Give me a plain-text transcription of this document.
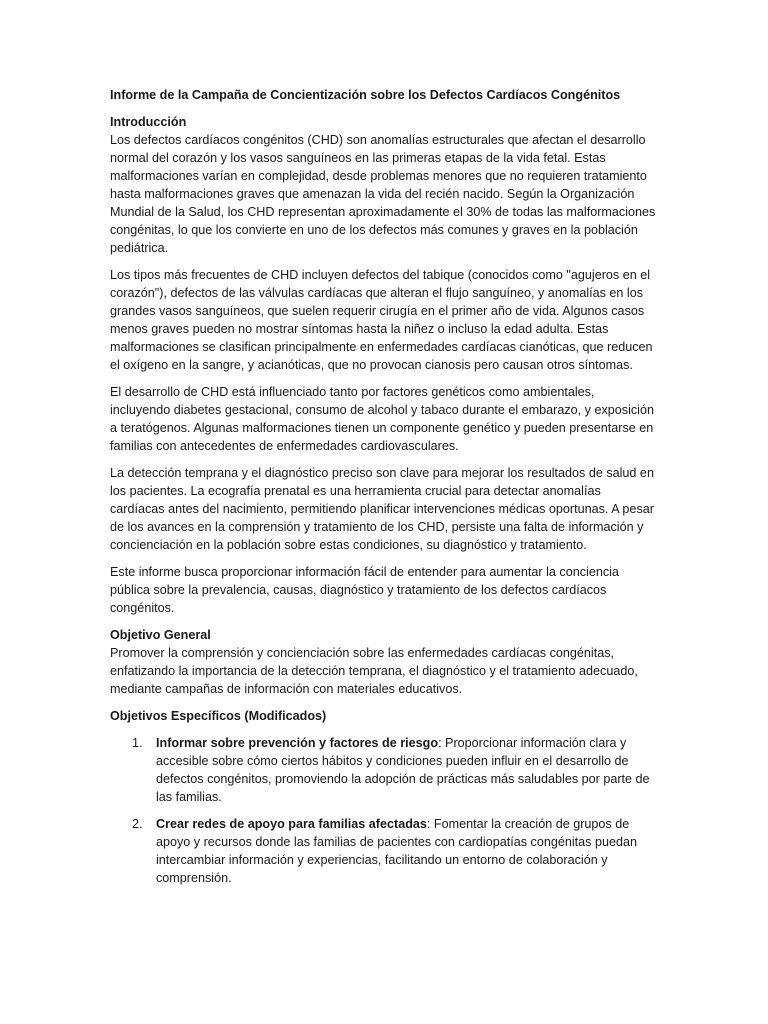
Informe de la Campaña de Concientización sobre los Defectos Cardíacos Congénitos

Introducción

Los defectos cardíacos congénitos (CHD) son anomalías estructurales que afectan el desarrollo normal del corazón y los vasos sanguíneos en las primeras etapas de la vida fetal. Estas malformaciones varían en complejidad, desde problemas menores que no requieren tratamiento hasta malformaciones graves que amenazan la vida del recién nacido. Según la Organización Mundial de la Salud, los CHD representan aproximadamente el 30% de todas las malformaciones congénitas, lo que los convierte en uno de los defectos más comunes y graves en la población pediátrica.

Los tipos más frecuentes de CHD incluyen defectos del tabique (conocidos como "agujeros en el corazón"), defectos de las válvulas cardíacas que alteran el flujo sanguíneo, y anomalías en los grandes vasos sanguíneos, que suelen requerir cirugía en el primer año de vida. Algunos casos menos graves pueden no mostrar síntomas hasta la niñez o incluso la edad adulta. Estas malformaciones se clasifican principalmente en enfermedades cardíacas cianóticas, que reducen el oxígeno en la sangre, y acianóticas, que no provocan cianosis pero causan otros síntomas.

El desarrollo de CHD está influenciado tanto por factores genéticos como ambientales, incluyendo diabetes gestacional, consumo de alcohol y tabaco durante el embarazo, y exposición a teratógenos. Algunas malformaciones tienen un componente genético y pueden presentarse en familias con antecedentes de enfermedades cardiovasculares.

La detección temprana y el diagnóstico preciso son clave para mejorar los resultados de salud en los pacientes. La ecografía prenatal es una herramienta crucial para detectar anomalías cardíacas antes del nacimiento, permitiendo planificar intervenciones médicas oportunas. A pesar de los avances en la comprensión y tratamiento de los CHD, persiste una falta de información y concienciación en la población sobre estas condiciones, su diagnóstico y tratamiento.

Este informe busca proporcionar información fácil de entender para aumentar la conciencia pública sobre la prevalencia, causas, diagnóstico y tratamiento de los defectos cardíacos congénitos.

Objetivo General

Promover la comprensión y concienciación sobre las enfermedades cardíacas congénitas, enfatizando la importancia de la detección temprana, el diagnóstico y el tratamiento adecuado, mediante campañas de información con materiales educativos.

Objetivos Específicos (Modificados)

1. Informar sobre prevención y factores de riesgo: Proporcionar información clara y accesible sobre cómo ciertos hábitos y condiciones pueden influir en el desarrollo de defectos congénitos, promoviendo la adopción de prácticas más saludables por parte de las familias.
2. Crear redes de apoyo para familias afectadas: Fomentar la creación de grupos de apoyo y recursos donde las familias de pacientes con cardiopatías congénitas puedan intercambiar información y experiencias, facilitando un entorno de colaboración y comprensión.
